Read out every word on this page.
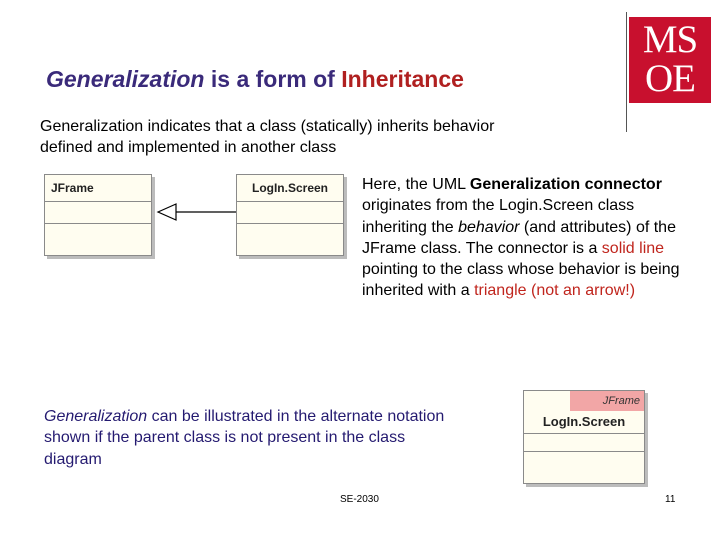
Generalization is a form of Inheritance
MS
OE
Generalization indicates that a class (statically) inherits behavior
defined and implemented in another class
JFrame	LogIn.Screen	Here, the UML Generalization connector originates from the Login.Screen class inheriting the behavior (and attributes) of the JFrame class. The connector is a solid line pointing to the class whose behavior is being inherited with a triangle (not an arrow!)
Generalization can be illustrated in the alternate notation shown if the parent class is not present in the class diagram
JFrame
LogIn.Screen
SE-2030	11
